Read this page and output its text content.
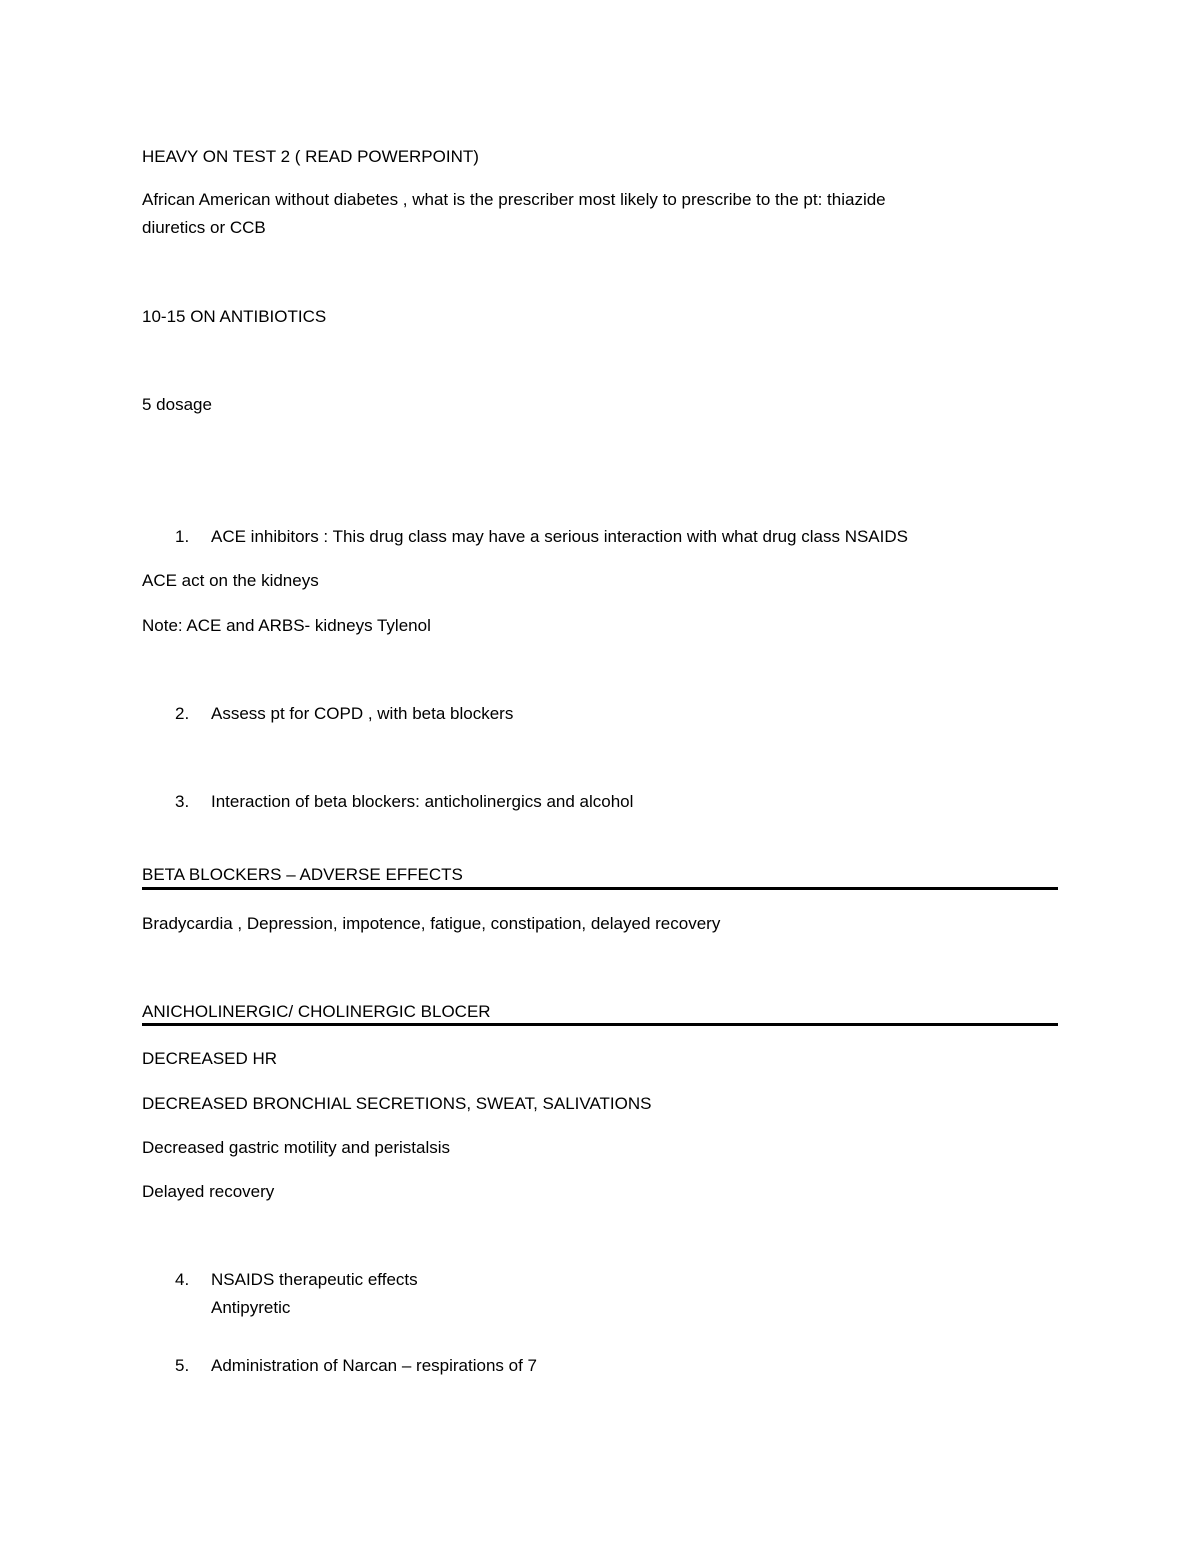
HEAVY ON TEST 2 ( READ POWERPOINT)
African American without diabetes , what is the prescriber most likely to prescribe to the pt: thiazide
diuretics or CCB
10-15 ON ANTIBIOTICS
5 dosage
1. ACE inhibitors : This drug class may have a serious interaction with what drug class NSAIDS
ACE act on the kidneys
Note: ACE and ARBS- kidneys Tylenol
2. Assess pt for COPD , with beta blockers
3. Interaction of beta blockers: anticholinergics and alcohol
BETA BLOCKERS – ADVERSE EFFECTS
Bradycardia , Depression, impotence, fatigue, constipation, delayed recovery
ANICHOLINERGIC/ CHOLINERGIC BLOCER
DECREASED HR
DECREASED BRONCHIAL SECRETIONS, SWEAT, SALIVATIONS
Decreased gastric motility and peristalsis
Delayed recovery
4. NSAIDS therapeutic effects
Antipyretic
5. Administration of Narcan – respirations of 7
